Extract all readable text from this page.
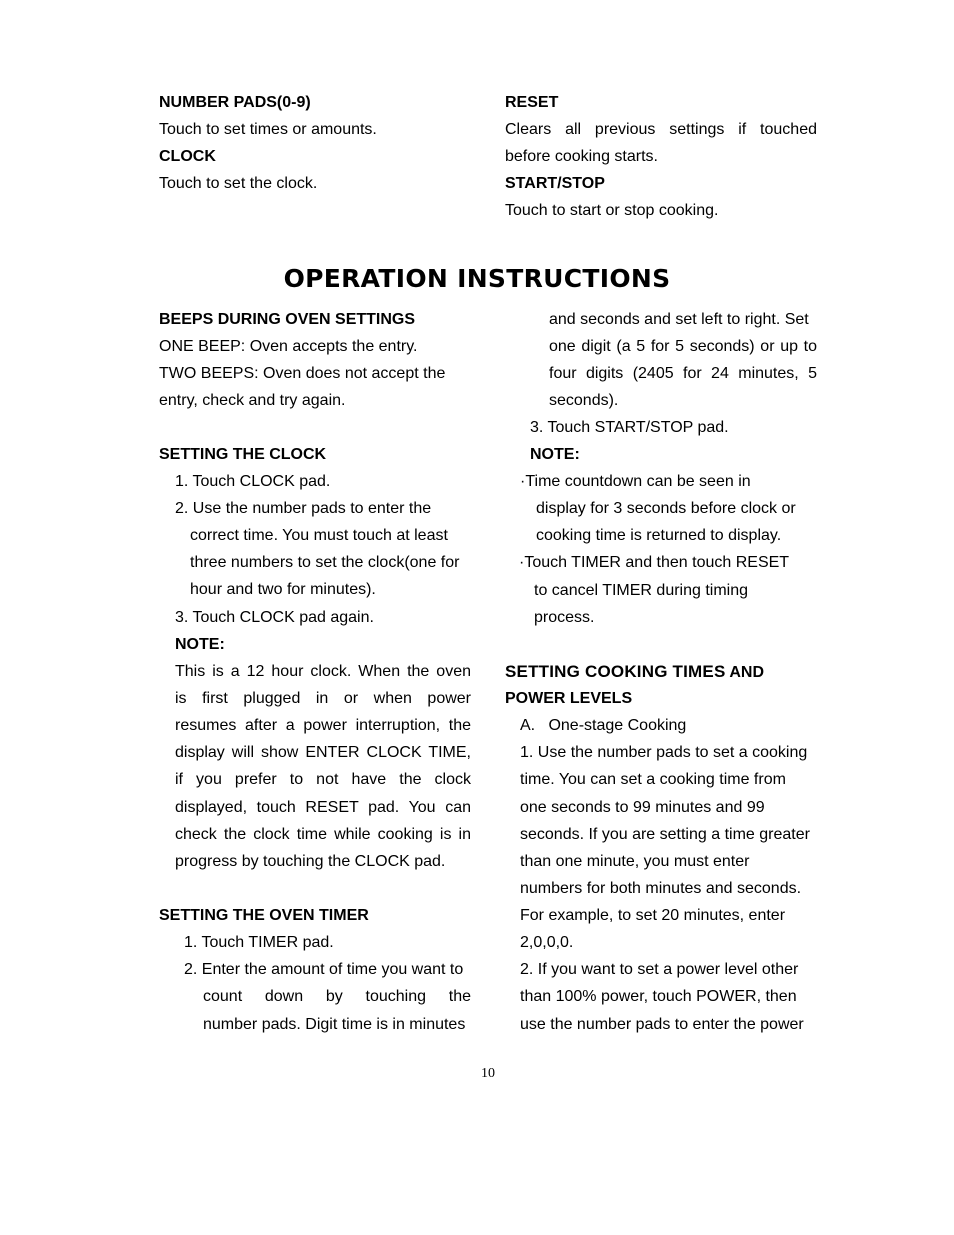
NUMBER PADS(0-9)
Touch to set times or amounts.
CLOCK
Touch to set the clock.
RESET
Clears all previous settings if touched
before cooking starts.
START/STOP
Touch to start or stop cooking.
OPERATION INSTRUCTIONS
BEEPS DURING OVEN SETTINGS
ONE BEEP: Oven accepts the entry.
TWO BEEPS: Oven does not accept the
entry, check and try again.
SETTING THE CLOCK
1. Touch CLOCK pad.
2. Use the number pads to enter the
correct time. You must touch at least
three numbers to set the clock(one for
hour and two for minutes).
3. Touch CLOCK pad again.
NOTE:
This is a 12 hour clock. When the oven
is first plugged in or when power
resumes after a power interruption, the
display will show ENTER CLOCK TIME,
if you prefer to not have the clock
displayed, touch RESET pad. You can
check the clock time while cooking is in
progress by touching the CLOCK pad.
SETTING THE OVEN TIMER
1. Touch TIMER pad.
2. Enter the amount of time you want to
count down by touching the
number pads. Digit time is in minutes
and seconds and set left to right. Set
one digit (a 5 for 5 seconds) or up to
four digits (2405 for 24 minutes, 5
seconds).
3. Touch START/STOP pad.
NOTE:
·Time countdown can be seen in
display for 3 seconds before clock or
cooking time is returned to display.
·Touch TIMER and then touch RESET
to cancel TIMER during timing
process.
SETTING COOKING TIMES AND
POWER LEVELS
A.   One-stage Cooking
1. Use the number pads to set a cooking
time. You can set a cooking time from
one seconds to 99 minutes and 99
seconds. If you are setting a time greater
than one minute, you must enter
numbers for both minutes and seconds.
For example, to set 20 minutes, enter
2,0,0,0.
2. If you want to set a power level other
than 100% power, touch POWER, then
use the number pads to enter the power
10
